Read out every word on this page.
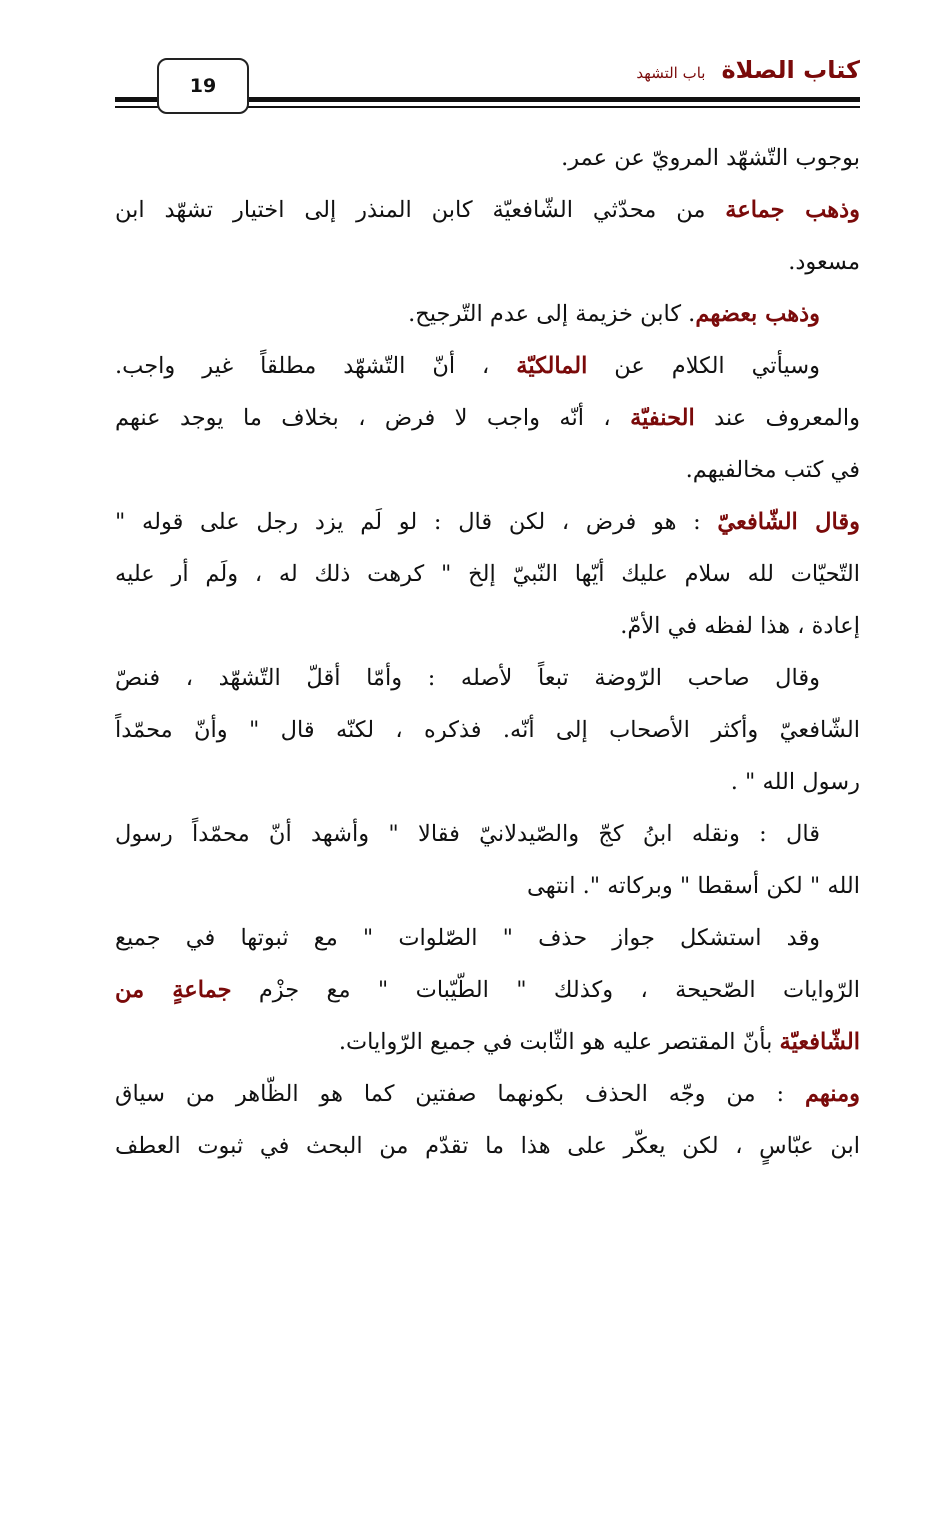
كتاب الصلاة
باب التشهد
19
بوجوب التّشهّد المرويّ عن عمر.
وذهب جماعة من محدّثي الشّافعيّة كابن المنذر إلى اختيار تشهّد ابن
مسعود.
وذهب بعضهم. كابن خزيمة إلى عدم التّرجيح.
وسيأتي الكلام عن المالكيّة ، أنّ التّشهّد مطلقاً غير واجب.
والمعروف عند الحنفيّة ، أنّه واجب لا فرض ، بخلاف ما يوجد عنهم
في كتب مخالفيهم.
وقال الشّافعيّ : هو فرض ، لكن قال : لو لَم يزد رجل على قوله "
التّحيّات لله سلام عليك أيّها النّبيّ إلخ " كرهت ذلك له ، ولَم أر عليه
إعادة ، هذا لفظه في الأمّ.
وقال صاحب الرّوضة تبعاً لأصله : وأمّا أقلّ التّشهّد ، فنصّ
الشّافعيّ وأكثر الأصحاب إلى أنّه. فذكره ، لكنّه قال " وأنّ محمّداً
رسول الله " .
قال : ونقله ابنُ كجّ والصّيدلانيّ فقالا " وأشهد أنّ محمّداً رسول
الله " لكن أسقطا " وبركاته ". انتهى
وقد استشكل جواز حذف " الصّلوات " مع ثبوتها في جميع
الرّوايات الصّحيحة ، وكذلك " الطّيّبات " مع جزْم جماعةٍ من
الشّافعيّة بأنّ المقتصر عليه هو الثّابت في جميع الرّوايات.
ومنهم : من وجّه الحذف بكونهما صفتين كما هو الظّاهر من سياق
ابن عبّاسٍ ، لكن يعكّر على هذا ما تقدّم من البحث في ثبوت العطف
